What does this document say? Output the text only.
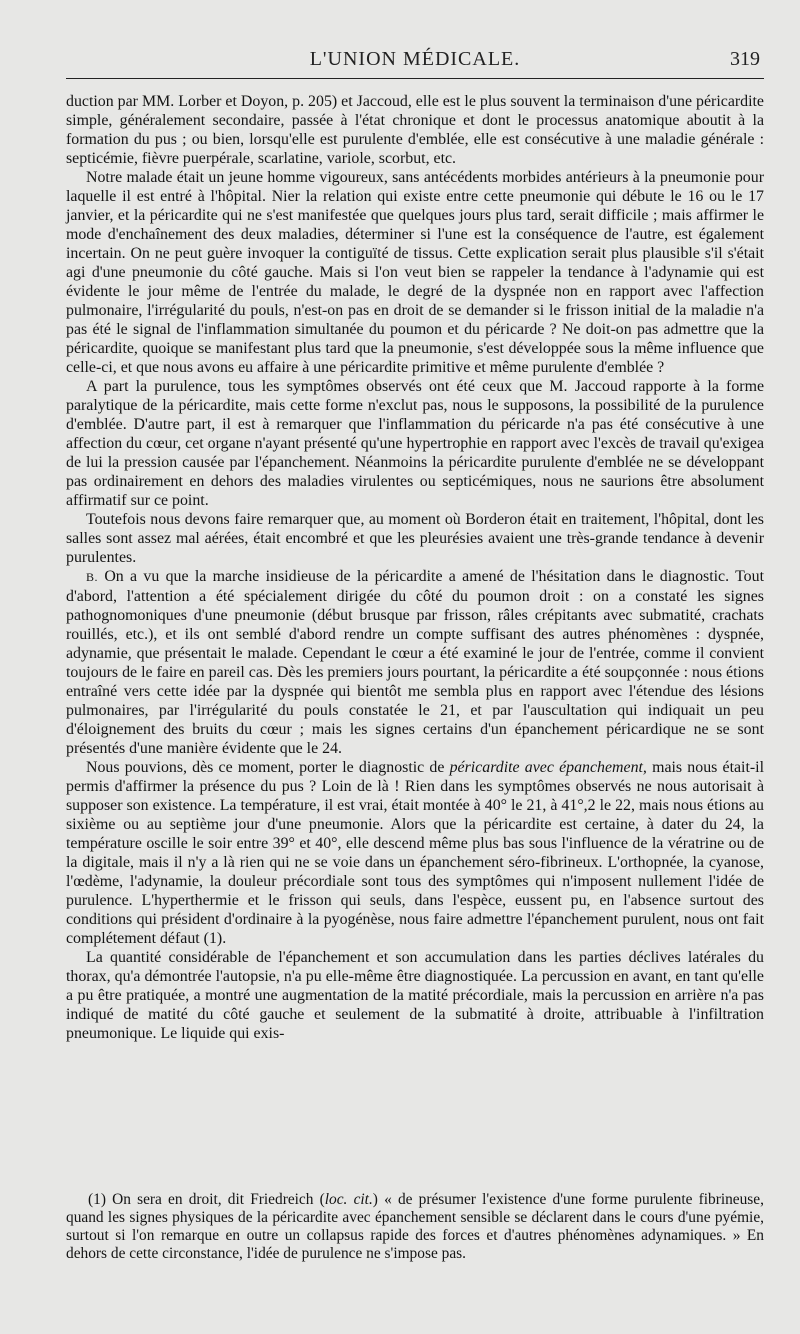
L'UNION MÉDICALE.	319

duction par MM. Lorber et Doyon, p. 205) et Jaccoud, elle est le plus souvent la terminaison d'une péricardite simple, généralement secondaire, passée à l'état chronique et dont le processus anatomique aboutit à la formation du pus ; ou bien, lorsqu'elle est purulente d'emblée, elle est consécutive à une maladie générale : septicémie, fièvre puerpérale, scarlatine, variole, scorbut, etc.

Notre malade était un jeune homme vigoureux, sans antécédents morbides antérieurs à la pneumonie pour laquelle il est entré à l'hôpital. Nier la relation qui existe entre cette pneumonie qui débute le 16 ou le 17 janvier, et la péricardite qui ne s'est manifestée que quelques jours plus tard, serait difficile ; mais affirmer le mode d'enchaînement des deux maladies, déterminer si l'une est la conséquence de l'autre, est également incertain. On ne peut guère invoquer la contiguïté de tissus. Cette explication serait plus plausible s'il s'était agi d'une pneumonie du côté gauche. Mais si l'on veut bien se rappeler la tendance à l'adynamie qui est évidente le jour même de l'entrée du malade, le degré de la dyspnée non en rapport avec l'affection pulmonaire, l'irrégularité du pouls, n'est-on pas en droit de se demander si le frisson initial de la maladie n'a pas été le signal de l'inflammation simultanée du poumon et du péricarde ? Ne doit-on pas admettre que la péricardite, quoique se manifestant plus tard que la pneumonie, s'est développée sous la même influence que celle-ci, et que nous avons eu affaire à une péricardite primitive et même purulente d'emblée ?

A part la purulence, tous les symptômes observés ont été ceux que M. Jaccoud rapporte à la forme paralytique de la péricardite, mais cette forme n'exclut pas, nous le supposons, la possibilité de la purulence d'emblée. D'autre part, il est à remarquer que l'inflammation du péricarde n'a pas été consécutive à une affection du cœur, cet organe n'ayant présenté qu'une hypertrophie en rapport avec l'excès de travail qu'exigea de lui la pression causée par l'épanchement. Néanmoins la péricardite purulente d'emblée ne se développant pas ordinairement en dehors des maladies virulentes ou septicémiques, nous ne saurions être absolument affirmatif sur ce point.

Toutefois nous devons faire remarquer que, au moment où Borderon était en traitement, l'hôpital, dont les salles sont assez mal aérées, était encombré et que les pleurésies avaient une très-grande tendance à devenir purulentes.

B. On a vu que la marche insidieuse de la péricardite a amené de l'hésitation dans le diagnostic. Tout d'abord, l'attention a été spécialement dirigée du côté du poumon droit : on a constaté les signes pathognomoniques d'une pneumonie (début brusque par frisson, râles crépitants avec submatité, crachats rouillés, etc.), et ils ont semblé d'abord rendre un compte suffisant des autres phénomènes : dyspnée, adynamie, que présentait le malade. Cependant le cœur a été examiné le jour de l'entrée, comme il convient toujours de le faire en pareil cas. Dès les premiers jours pourtant, la péricardite a été soupçonnée : nous étions entraîné vers cette idée par la dyspnée qui bientôt me sembla plus en rapport avec l'étendue des lésions pulmonaires, par l'irrégularité du pouls constatée le 21, et par l'auscultation qui indiquait un peu d'éloignement des bruits du cœur ; mais les signes certains d'un épanchement péricardique ne se sont présentés d'une manière évidente que le 24.

Nous pouvions, dès ce moment, porter le diagnostic de péricardite avec épanchement, mais nous était-il permis d'affirmer la présence du pus ? Loin de là ! Rien dans les symptômes observés ne nous autorisait à supposer son existence. La température, il est vrai, était montée à 40° le 21, à 41°,2 le 22, mais nous étions au sixième ou au septième jour d'une pneumonie. Alors que la péricardite est certaine, à dater du 24, la température oscille le soir entre 39° et 40°, elle descend même plus bas sous l'influence de la vératrine ou de la digitale, mais il n'y a là rien qui ne se voie dans un épanchement séro-fibrineux. L'orthopnée, la cyanose, l'œdème, l'adynamie, la douleur précordiale sont tous des symptômes qui n'imposent nullement l'idée de purulence. L'hyperthermie et le frisson qui seuls, dans l'espèce, eussent pu, en l'absence surtout des conditions qui président d'ordinaire à la pyogénèse, nous faire admettre l'épanchement purulent, nous ont fait complétement défaut (1).

La quantité considérable de l'épanchement et son accumulation dans les parties déclives latérales du thorax, qu'a démontrée l'autopsie, n'a pu elle-même être diagnostiquée. La percussion en avant, en tant qu'elle a pu être pratiquée, a montré une augmentation de la matité précordiale, mais la percussion en arrière n'a pas indiqué de matité du côté gauche et seulement de la submatité à droite, attribuable à l'infiltration pneumonique. Le liquide qui exis-

(1) On sera en droit, dit Friedreich (loc. cit.) « de présumer l'existence d'une forme purulente fibrineuse, quand les signes physiques de la péricardite avec épanchement sensible se déclarent dans le cours d'une pyémie, surtout si l'on remarque en outre un collapsus rapide des forces et d'autres phénomènes adynamiques. » En dehors de cette circonstance, l'idée de purulence ne s'impose pas.
